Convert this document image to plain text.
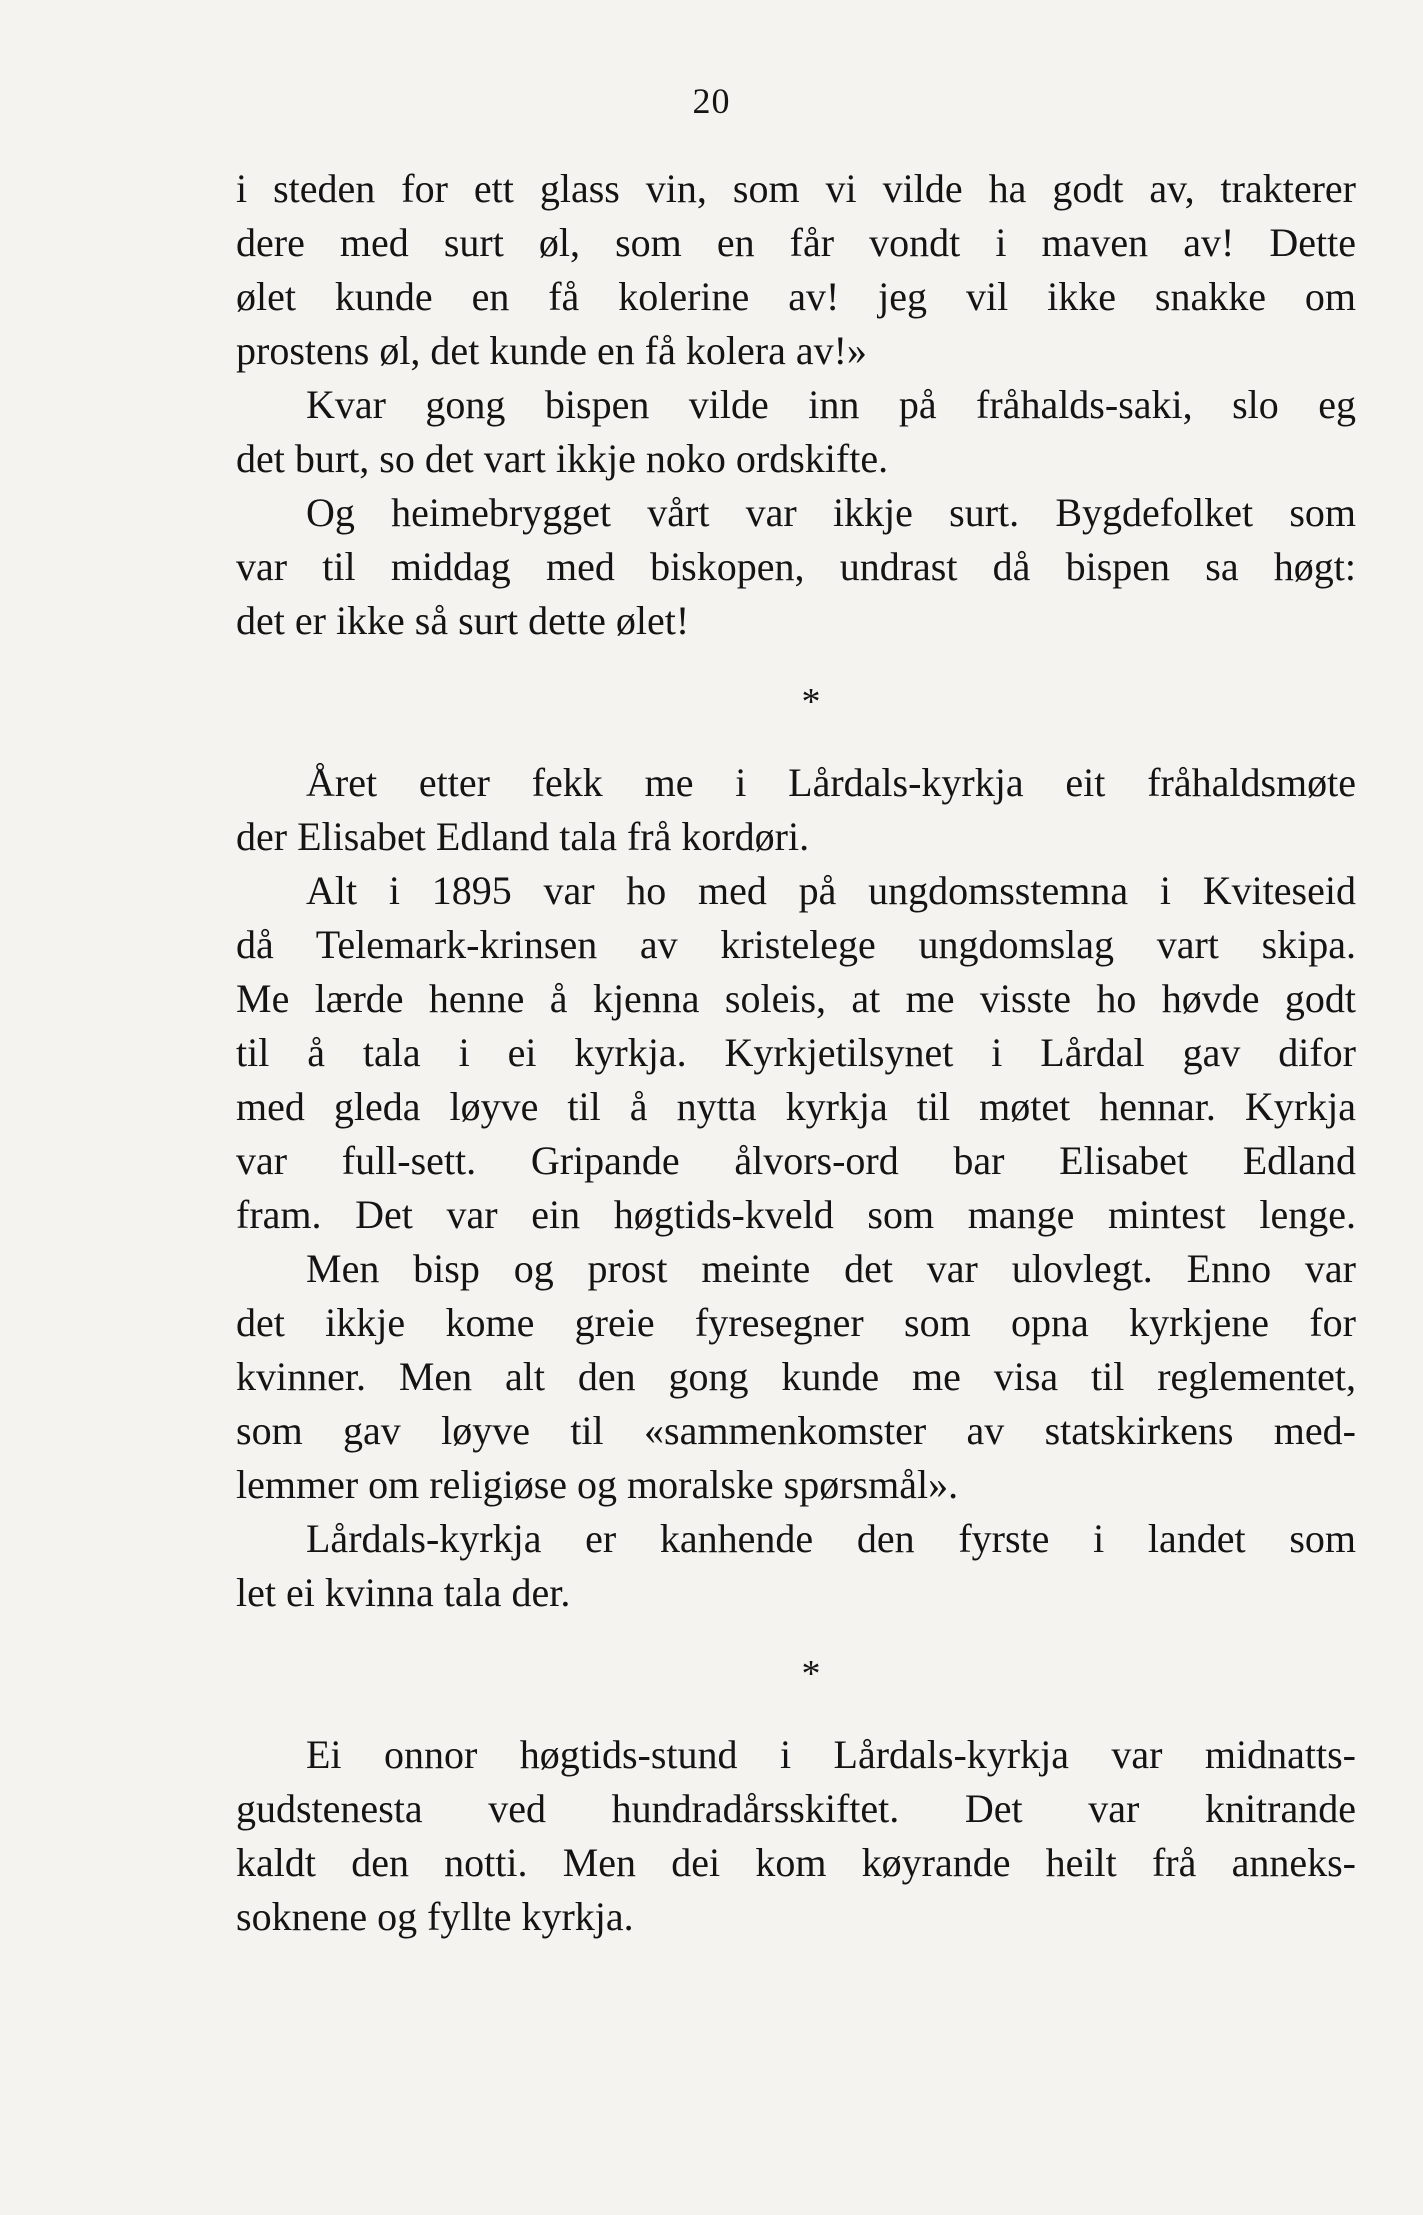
20
i steden for ett glass vin, som vi vilde ha godt av, trakterer
dere med surt øl, som en får vondt i maven av! Dette
ølet kunde en få kolerine av! jeg vil ikke snakke om
prostens øl, det kunde en få kolera av!»
Kvar gong bispen vilde inn på fråhalds-saki, slo eg
det burt, so det vart ikkje noko ordskifte.
Og heimebrygget vårt var ikkje surt. Bygdefolket som
var til middag med biskopen, undrast då bispen sa høgt:
det er ikke så surt dette ølet!
*
Året etter fekk me i Lårdals-kyrkja eit fråhaldsmøte
der Elisabet Edland tala frå kordøri.
Alt i 1895 var ho med på ungdomsstemna i Kviteseid
då Telemark-krinsen av kristelege ungdomslag vart skipa.
Me lærde henne å kjenna soleis, at me visste ho høvde godt
til å tala i ei kyrkja. Kyrkjetilsynet i Lårdal gav difor
med gleda løyve til å nytta kyrkja til møtet hennar. Kyrkja
var full-sett. Gripande ålvors-ord bar Elisabet Edland
fram. Det var ein høgtids-kveld som mange mintest lenge.
Men bisp og prost meinte det var ulovlegt. Enno var
det ikkje kome greie fyresegner som opna kyrkjene for
kvinner. Men alt den gong kunde me visa til reglementet,
som gav løyve til «sammenkomster av statskirkens med-
lemmer om religiøse og moralske spørsmål».
Lårdals-kyrkja er kanhende den fyrste i landet som
let ei kvinna tala der.
*
Ei onnor høgtids-stund i Lårdals-kyrkja var midnatts-
gudstenesta ved hundradårsskiftet. Det var knitrande
kaldt den notti. Men dei kom køyrande heilt frå anneks-
soknene og fyllte kyrkja.
